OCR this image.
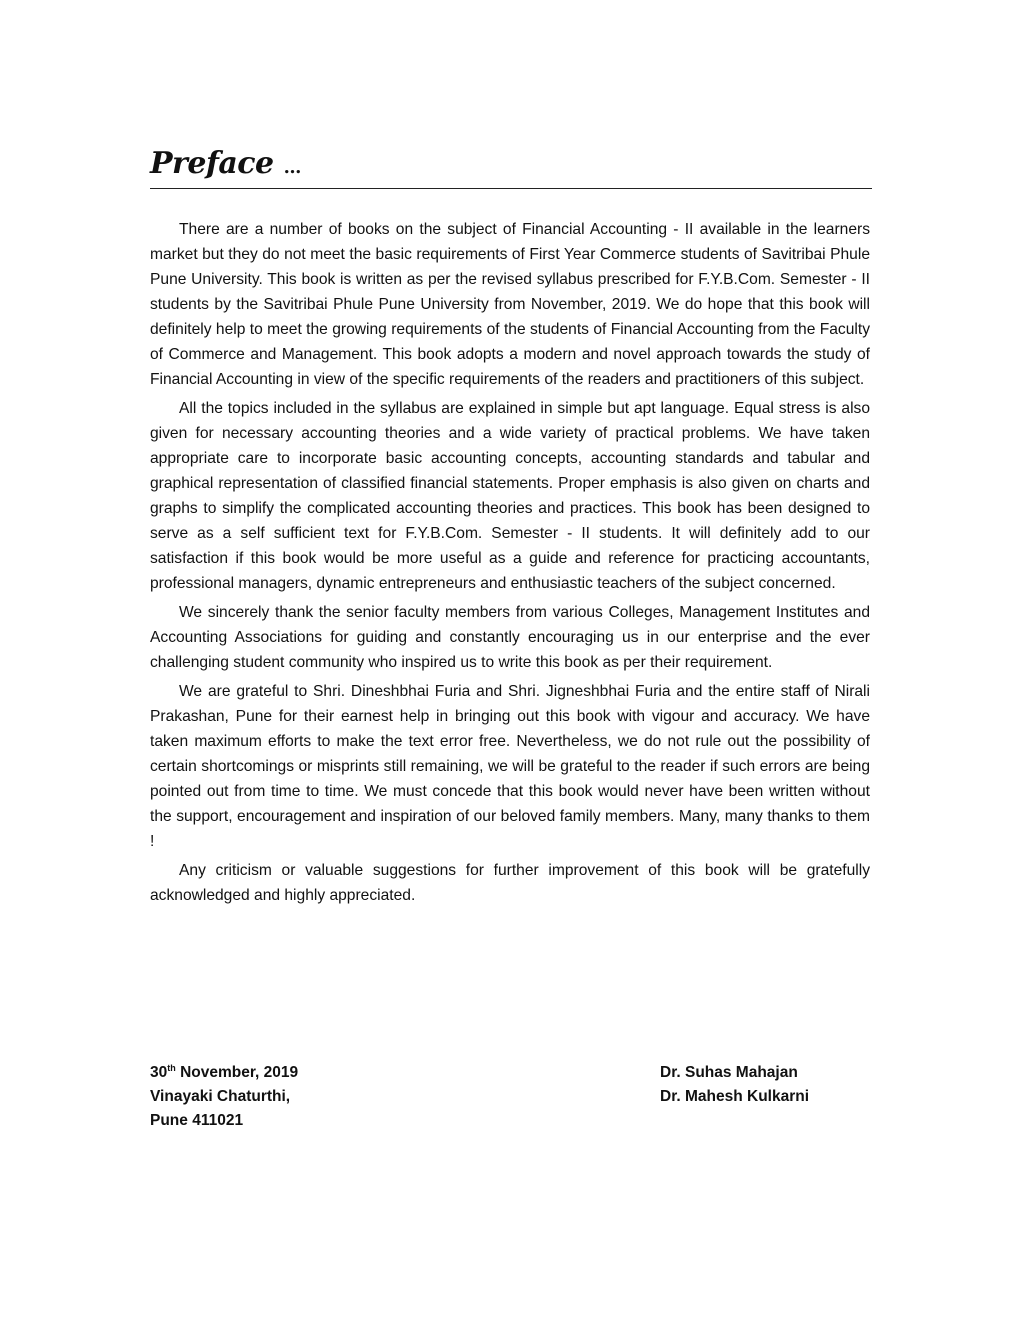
Preface ...

There are a number of books on the subject of Financial Accounting - II available in the learners market but they do not meet the basic requirements of First Year Commerce students of Savitribai Phule Pune University. This book is written as per the revised syllabus prescribed for F.Y.B.Com. Semester - II students by the Savitribai Phule Pune University from November, 2019. We do hope that this book will definitely help to meet the growing requirements of the students of Financial Accounting from the Faculty of Commerce and Management. This book adopts a modern and novel approach towards the study of Financial Accounting in view of the specific requirements of the readers and practitioners of this subject.

All the topics included in the syllabus are explained in simple but apt language. Equal stress is also given for necessary accounting theories and a wide variety of practical problems. We have taken appropriate care to incorporate basic accounting concepts, accounting standards and tabular and graphical representation of classified financial statements. Proper emphasis is also given on charts and graphs to simplify the complicated accounting theories and practices. This book has been designed to serve as a self sufficient text for F.Y.B.Com. Semester - II students. It will definitely add to our satisfaction if this book would be more useful as a guide and reference for practicing accountants, professional managers, dynamic entrepreneurs and enthusiastic teachers of the subject concerned.

We sincerely thank the senior faculty members from various Colleges, Management Institutes and Accounting Associations for guiding and constantly encouraging us in our enterprise and the ever challenging student community who inspired us to write this book as per their requirement.

We are grateful to Shri. Dineshbhai Furia and Shri. Jigneshbhai Furia and the entire staff of Nirali Prakashan, Pune for their earnest help in bringing out this book with vigour and accuracy. We have taken maximum efforts to make the text error free. Nevertheless, we do not rule out the possibility of certain shortcomings or misprints still remaining, we will be grateful to the reader if such errors are being pointed out from time to time. We must concede that this book would never have been written without the support, encouragement and inspiration of our beloved family members. Many, many thanks to them !

Any criticism or valuable suggestions for further improvement of this book will be gratefully acknowledged and highly appreciated.

30th November, 2019
Vinayaki Chaturthi,
Pune 411021
Dr. Suhas Mahajan
Dr. Mahesh Kulkarni
